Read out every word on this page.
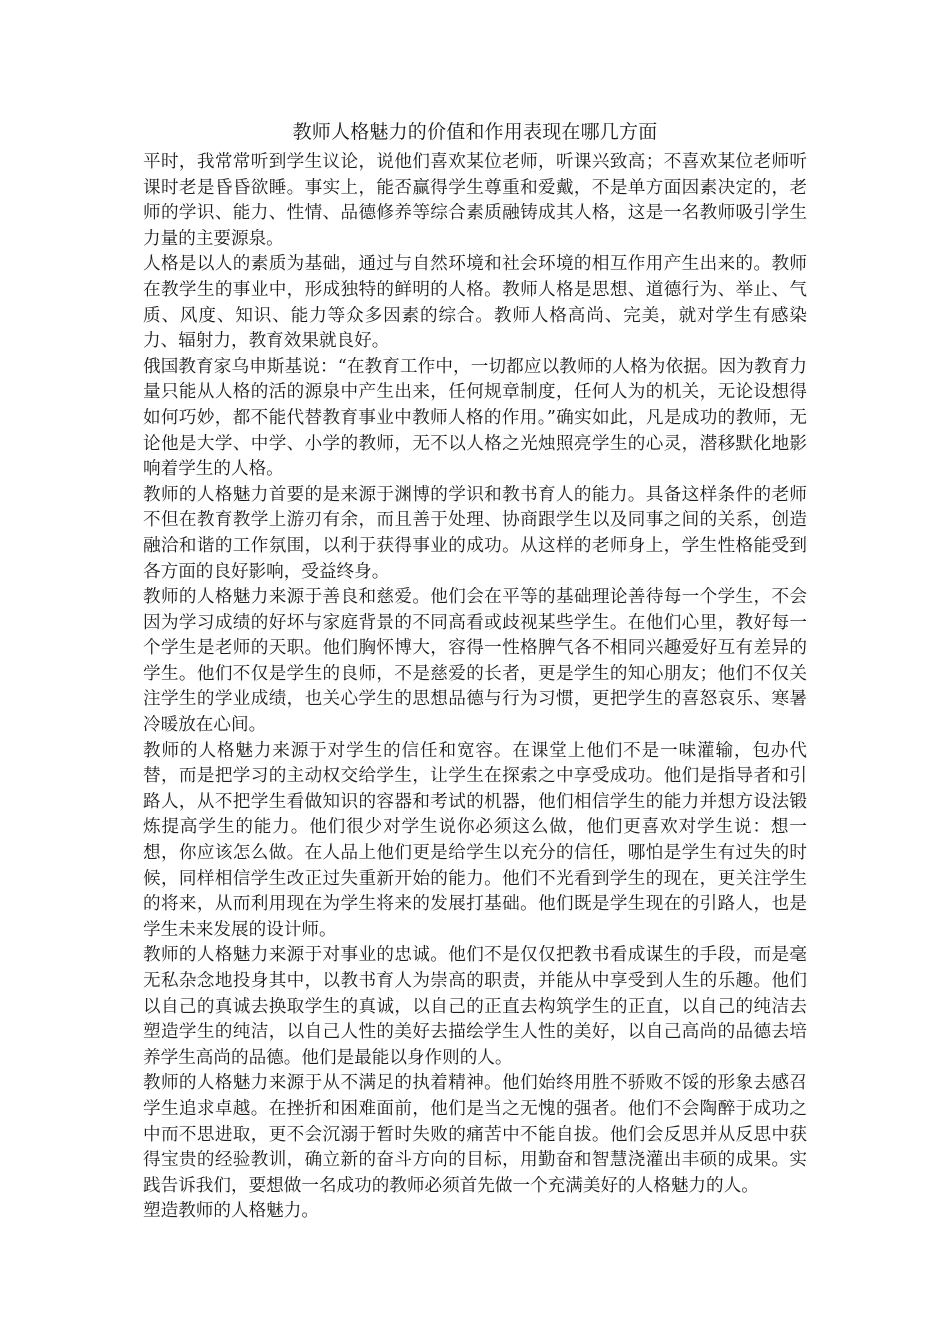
教师人格魅力的价值和作用表现在哪几方面

平时，我常常听到学生议论，说他们喜欢某位老师，听课兴致高；不喜欢某位老师听课时老是昏昏欲睡。事实上，能否赢得学生尊重和爱戴，不是单方面因素决定的，老师的学识、能力、性情、品德修养等综合素质融铸成其人格，这是一名教师吸引学生力量的主要源泉。

人格是以人的素质为基础，通过与自然环境和社会环境的相互作用产生出来的。教师在教学生的事业中，形成独特的鲜明的人格。教师人格是思想、道德行为、举止、气质、风度、知识、能力等众多因素的综合。教师人格高尚、完美，就对学生有感染力、辐射力，教育效果就良好。

俄国教育家乌申斯基说：“在教育工作中，一切都应以教师的人格为依据。因为教育力量只能从人格的活的源泉中产生出来，任何规章制度，任何人为的机关，无论设想得如何巧妙，都不能代替教育事业中教师人格的作用。”确实如此，凡是成功的教师，无论他是大学、中学、小学的教师，无不以人格之光烛照亮学生的心灵，潜移默化地影响着学生的人格。

教师的人格魅力首要的是来源于渊博的学识和教书育人的能力。具备这样条件的老师不但在教育教学上游刃有余，而且善于处理、协商跟学生以及同事之间的关系，创造融洽和谐的工作氛围，以利于获得事业的成功。从这样的老师身上，学生性格能受到各方面的良好影响，受益终身。

教师的人格魅力来源于善良和慈爱。他们会在平等的基础理论善待每一个学生，不会因为学习成绩的好坏与家庭背景的不同高看或歧视某些学生。在他们心里，教好每一个学生是老师的天职。他们胸怀博大，容得一性格脾气各不相同兴趣爱好互有差异的学生。他们不仅是学生的良师，不是慈爱的长者，更是学生的知心朋友；他们不仅关注学生的学业成绩，也关心学生的思想品德与行为习惯，更把学生的喜怒哀乐、寒暑冷暖放在心间。

教师的人格魅力来源于对学生的信任和宽容。在课堂上他们不是一味灌输，包办代替，而是把学习的主动权交给学生，让学生在探索之中享受成功。他们是指导者和引路人，从不把学生看做知识的容器和考试的机器，他们相信学生的能力并想方设法锻炼提高学生的能力。他们很少对学生说你必须这么做，他们更喜欢对学生说：想一想，你应该怎么做。在人品上他们更是给学生以充分的信任，哪怕是学生有过失的时候，同样相信学生改正过失重新开始的能力。他们不光看到学生的现在，更关注学生的将来，从而利用现在为学生将来的发展打基础。他们既是学生现在的引路人，也是学生未来发展的设计师。

教师的人格魅力来源于对事业的忠诚。他们不是仅仅把教书看成谋生的手段，而是毫无私杂念地投身其中，以教书育人为崇高的职责，并能从中享受到人生的乐趣。他们以自己的真诚去换取学生的真诚，以自己的正直去构筑学生的正直，以自己的纯洁去塑造学生的纯洁，以自己人性的美好去描绘学生人性的美好，以自己高尚的品德去培养学生高尚的品德。他们是最能以身作则的人。

教师的人格魅力来源于从不满足的执着精神。他们始终用胜不骄败不馁的形象去感召学生追求卓越。在挫折和困难面前，他们是当之无愧的强者。他们不会陶醉于成功之中而不思进取，更不会沉溺于暂时失败的痛苦中不能自拔。他们会反思并从反思中获得宝贵的经验教训，确立新的奋斗方向的目标，用勤奋和智慧浇灌出丰硕的成果。实践告诉我们，要想做一名成功的教师必须首先做一个充满美好的人格魅力的人。

塑造教师的人格魅力。
